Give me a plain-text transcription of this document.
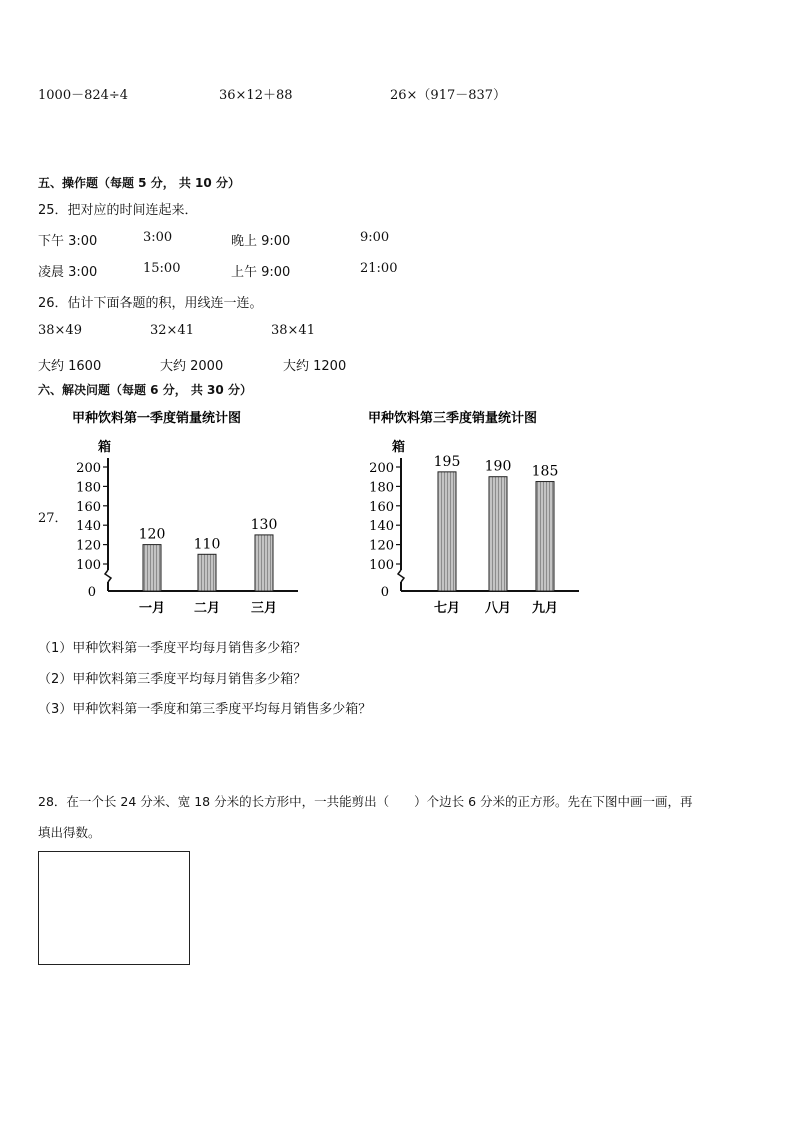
1000－824÷4	36×12＋88	26×（917－837）
五、操作题（每题 5 分， 共 10 分）
25．把对应的时间连起来．
下午 3:00	3:00	晚上 9:00	9:00
凌晨 3:00	15:00	上午 9:00	21:00
26．估计下面各题的积，用线连一连。
38×49	32×41	38×41
大约 1600	大约 2000	大约 1200
六、解决问题（每题 6 分， 共 30 分）
27．
甲种饮料第一季度销量统计图
箱
0
100
120
140
160
180
200
120
一月
110
二月
130
三月
甲种饮料第三季度销量统计图
箱
0
100
120
140
160
180
200	195
七月
190
八月
185
九月
（1）甲种饮料第一季度平均每月销售多少箱？
（2）甲种饮料第三季度平均每月销售多少箱？
（3）甲种饮料第一季度和第三季度平均每月销售多少箱？
28．在一个长 24 分米、宽 18 分米的长方形中，一共能剪出（　　）个边长 6 分米的正方形。先在下图中画一画，再
填出得数。
